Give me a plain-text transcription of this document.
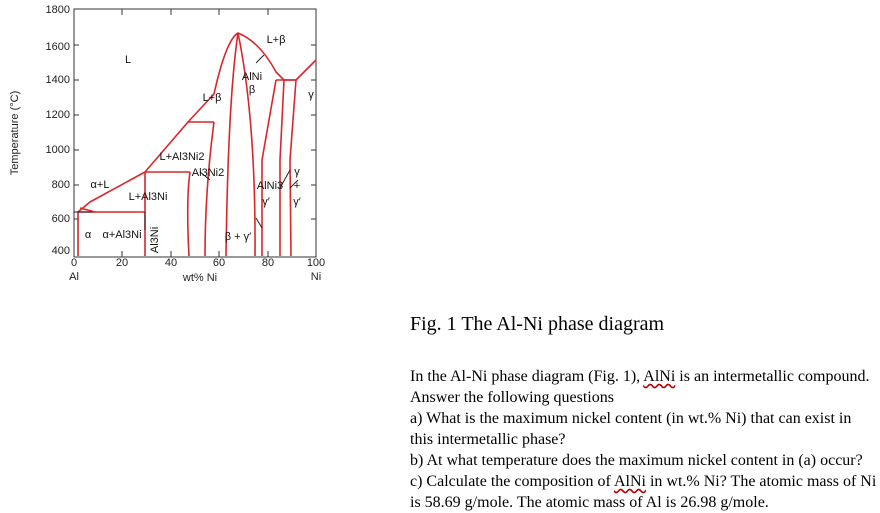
Temperature (°C)
1800
1600
1400
1200
1000
800
600
400
0	20	40	60	80	100
Al	Ni
wt% Ni
L
L+β
L+β	γ
AlNi
β
L+Al3Ni2
Al3Ni2	γ
AlNi3 +
γ′ γ′
α+L
L+Al3Ni
α α+Al3Ni Al3Ni	β + γ′
Fig. 1 The Al-Ni phase diagram

In the Al-Ni phase diagram (Fig. 1), AlNi is an intermetallic compound. Answer the following questions

a) What is the maximum nickel content (in wt.% Ni) that can exist in this intermetallic phase?

b) At what temperature does the maximum nickel content in (a) occur?

c) Calculate the composition of AlNi in wt.% Ni? The atomic mass of Ni is 58.69 g/mole. The atomic mass of Al is 26.98 g/mole.
